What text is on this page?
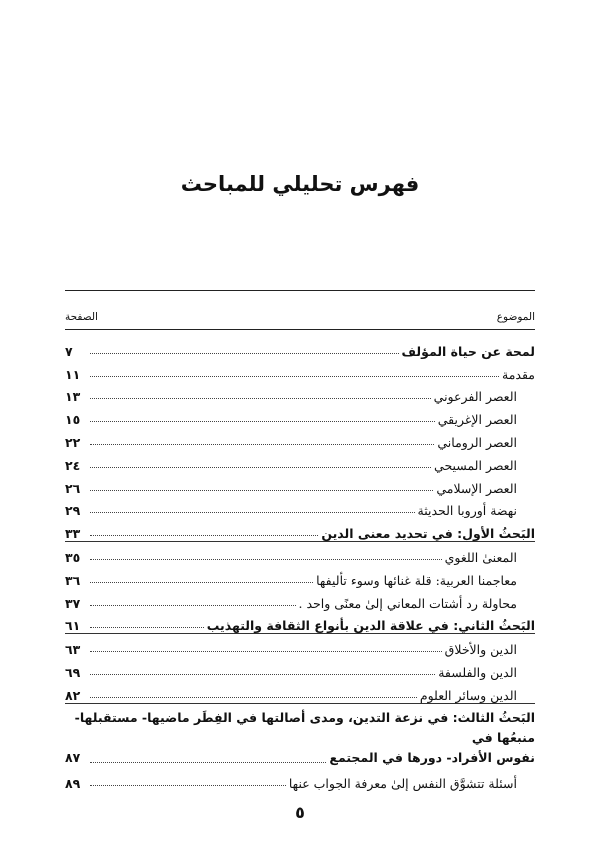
فهرس تحليلي للمباحث
الموضوع
الصفحة
لمحة عن حياة المؤلف
٧
مقدمة
١١
العصر الفرعوني
١٣
العصر الإغريقي
١٥
العصر الروماني
٢٢
العصر المسيحي
٢٤
العصر الإسلامي
٢٦
نهضة أوروبا الحديثة
٢٩
البَحثُ الأول: في تحديد معنى الدين
٣٣
المعنىٰ اللغوي
٣٥
معاجمنا العربية: قلة غنائها وسوء تأليفها
٣٦
محاولة رد أشتات المعاني إلىٰ معنًى واحد .
٣٧
البَحثُ الثاني: في علاقة الدين بأنواع الثقافة والتهذيب
٦١
الدين والأخلاق
٦٣
الدين والفلسفة
٦٩
الدين وسائر العلوم
٨٢
البَحثُ الثالث: في نزعة التدين، ومدى أصالتها في الفِطَر ماضيها- مستقبلها- منبعُها في
نفوس الأفراد- دورها في المجتمع
٨٧
أسئلة تتشوَّق النفس إلىٰ معرفة الجواب عنها
٨٩
٥
